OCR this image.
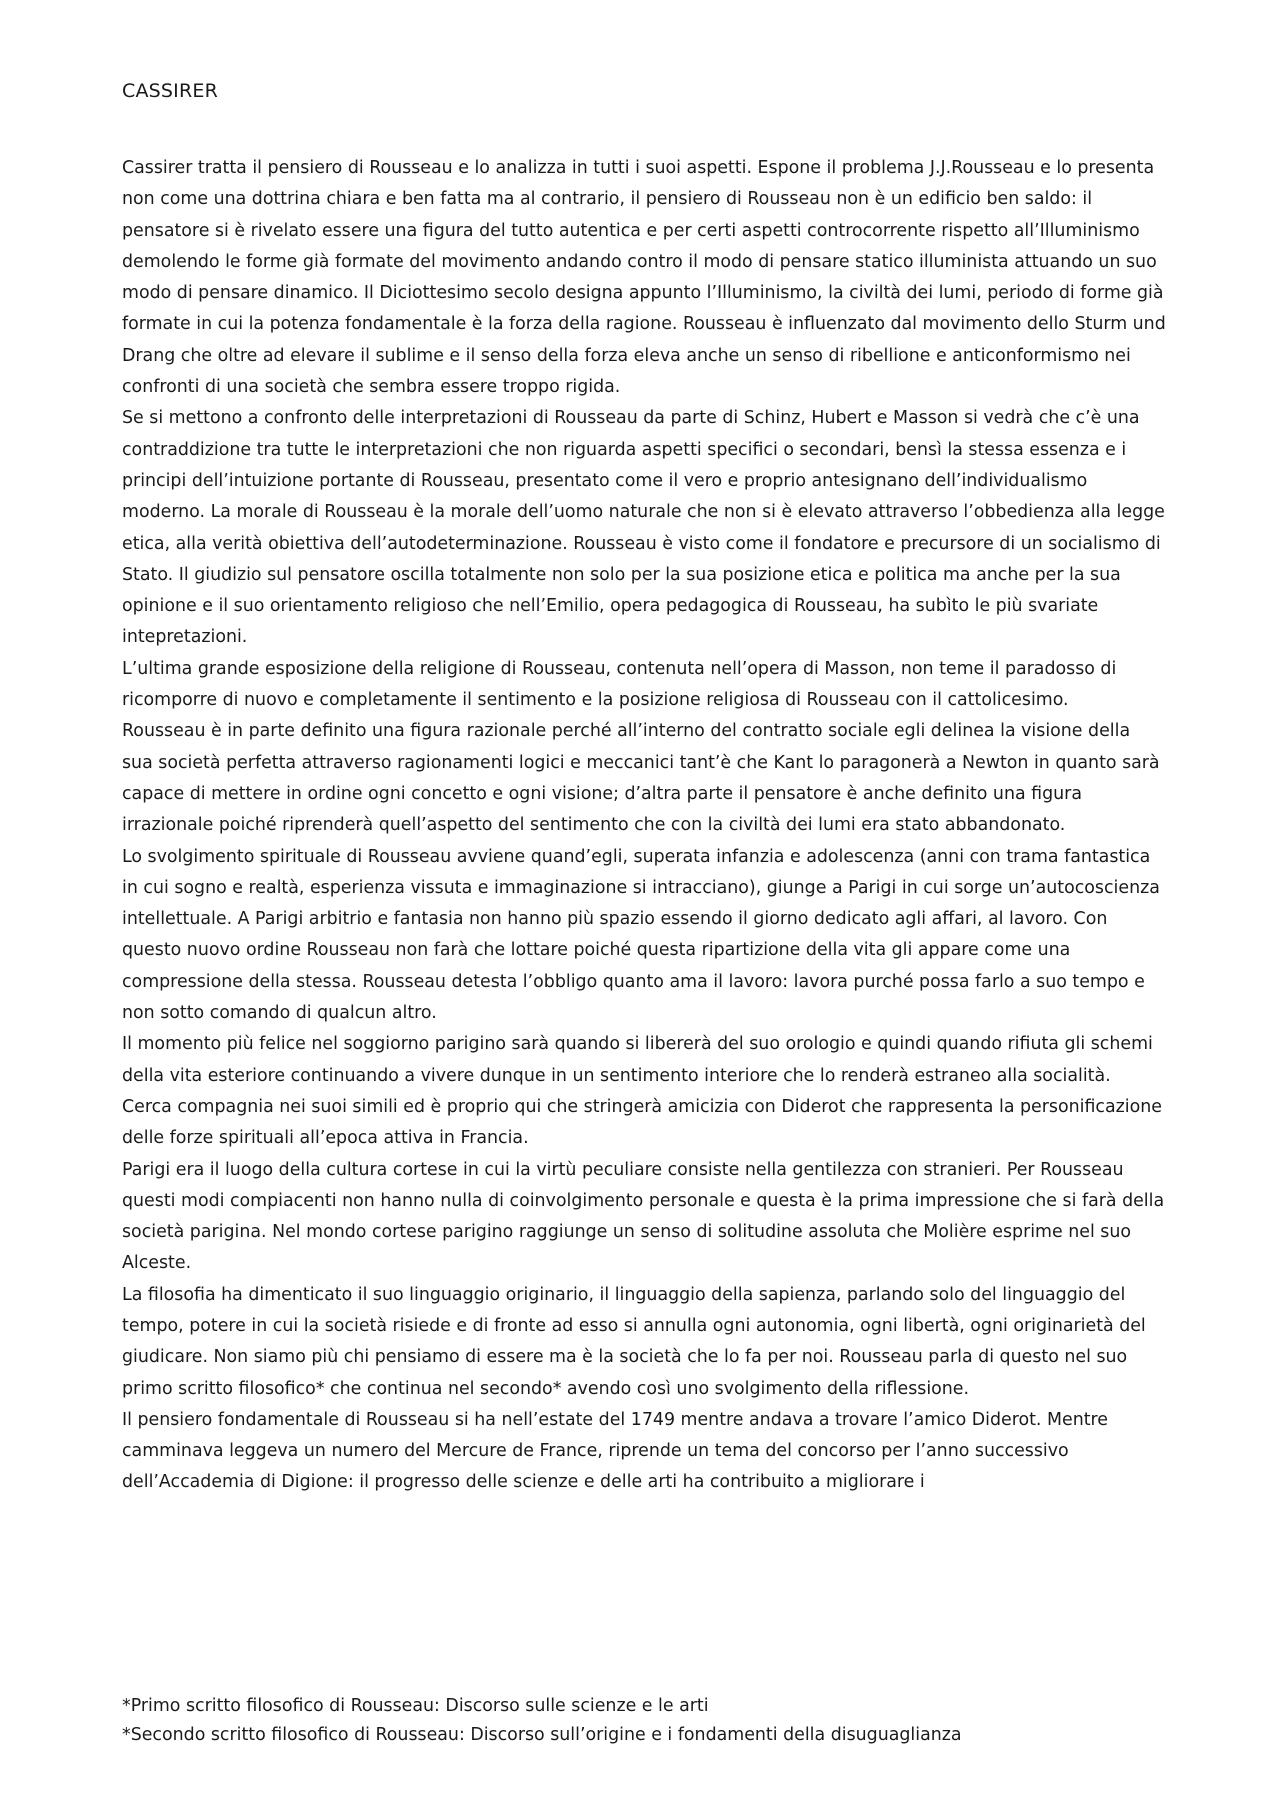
CASSIRER

Cassirer tratta il pensiero di Rousseau e lo analizza in tutti i suoi aspetti. Espone il problema J.J.Rousseau e lo presenta non come una dottrina chiara e ben fatta ma al contrario, il pensiero di Rousseau non è un edificio ben saldo: il pensatore si è rivelato essere una figura del tutto autentica e per certi aspetti controcorrente rispetto all’Illuminismo demolendo le forme già formate del movimento andando contro il modo di pensare statico illuminista attuando un suo modo di pensare dinamico. Il Diciottesimo secolo designa appunto l’Illuminismo, la civiltà dei lumi, periodo di forme già formate in cui la potenza fondamentale è la forza della ragione. Rousseau è influenzato dal movimento dello Sturm und Drang che oltre ad elevare il sublime e il senso della forza eleva anche un senso di ribellione e anticonformismo nei confronti di una società che sembra essere troppo rigida.

Se si mettono a confronto delle interpretazioni di Rousseau da parte di Schinz, Hubert e Masson si vedrà che c’è una contraddizione tra tutte le interpretazioni che non riguarda aspetti specifici o secondari, bensì la stessa essenza e i principi dell’intuizione portante di Rousseau, presentato come il vero e proprio antesignano dell’individualismo moderno. La morale di Rousseau è la morale dell’uomo naturale che non si è elevato attraverso l’obbedienza alla legge etica, alla verità obiettiva dell’autodeterminazione. Rousseau è visto come il fondatore e precursore di un socialismo di Stato. Il giudizio sul pensatore oscilla totalmente non solo per la sua posizione etica e politica ma anche per la sua opinione e il suo orientamento religioso che nell’Emilio, opera pedagogica di Rousseau, ha subìto le più svariate intepretazioni.

L’ultima grande esposizione della religione di Rousseau, contenuta nell’opera di Masson, non teme il paradosso di ricomporre di nuovo e completamente il sentimento e la posizione religiosa di Rousseau con il cattolicesimo.

Rousseau è in parte definito una figura razionale perché all’interno del contratto sociale egli delinea la visione della sua società perfetta attraverso ragionamenti logici e meccanici tant’è che Kant lo paragonerà a Newton in quanto sarà capace di mettere in ordine ogni concetto e ogni visione; d’altra parte il pensatore è anche definito una figura irrazionale poiché riprenderà quell’aspetto del sentimento che con la civiltà dei lumi era stato abbandonato.

Lo svolgimento spirituale di Rousseau avviene quand’egli, superata infanzia e adolescenza (anni con trama fantastica in cui sogno e realtà, esperienza vissuta e immaginazione si intracciano), giunge a Parigi in cui sorge un’autocoscienza intellettuale. A Parigi arbitrio e fantasia non hanno più spazio essendo il giorno dedicato agli affari, al lavoro. Con questo nuovo ordine Rousseau non farà che lottare poiché questa ripartizione della vita gli appare come una compressione della stessa. Rousseau detesta l’obbligo quanto ama il lavoro: lavora purché possa farlo a suo tempo e non sotto comando di qualcun altro.

Il momento più felice nel soggiorno parigino sarà quando si libererà del suo orologio e quindi quando rifiuta gli schemi della vita esteriore continuando a vivere dunque in un sentimento interiore che lo renderà estraneo alla socialità. Cerca compagnia nei suoi simili ed è proprio qui che stringerà amicizia con Diderot che rappresenta la personificazione delle forze spirituali all’epoca attiva in Francia.

Parigi era il luogo della cultura cortese in cui la virtù peculiare consiste nella gentilezza con stranieri. Per Rousseau questi modi compiacenti non hanno nulla di coinvolgimento personale e questa è la prima impressione che si farà della società parigina. Nel mondo cortese parigino raggiunge un senso di solitudine assoluta che Molière esprime nel suo Alceste.

La filosofia ha dimenticato il suo linguaggio originario, il linguaggio della sapienza, parlando solo del linguaggio del tempo, potere in cui la società risiede e di fronte ad esso si annulla ogni autonomia, ogni libertà, ogni originarietà del giudicare. Non siamo più chi pensiamo di essere ma è la società che lo fa per noi. Rousseau parla di questo nel suo primo scritto filosofico* che continua nel secondo* avendo così uno svolgimento della riflessione.

Il pensiero fondamentale di Rousseau si ha nell’estate del 1749 mentre andava a trovare l’amico Diderot. Mentre camminava leggeva un numero del Mercure de France, riprende un tema del concorso per l’anno successivo dell’Accademia di Digione: il progresso delle scienze e delle arti ha contribuito a migliorare i

*Primo scritto filosofico di Rousseau: Discorso sulle scienze e le arti

*Secondo scritto filosofico di Rousseau: Discorso sull’origine e i fondamenti della disuguaglianza
